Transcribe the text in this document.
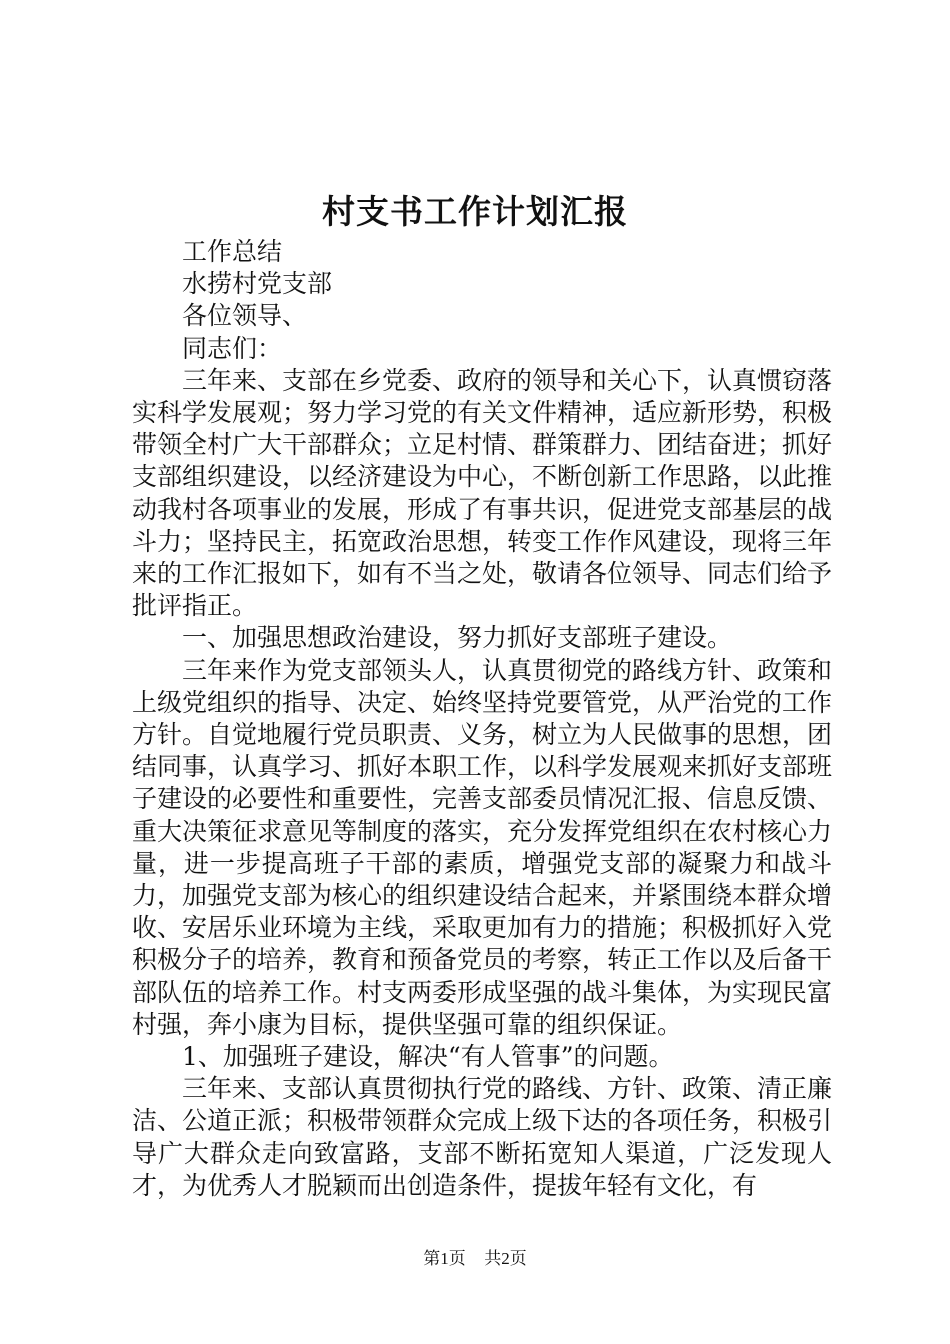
村支书工作计划汇报

工作总结

水捞村党支部

各位领导、

同志们：

三年来、支部在乡党委、政府的领导和关心下，认真惯窃落实科学发展观；努力学习党的有关文件精神，适应新形势，积极带领全村广大干部群众；立足村情、群策群力、团结奋进；抓好支部组织建设，以经济建设为中心，不断创新工作思路，以此推动我村各项事业的发展，形成了有事共识，促进党支部基层的战斗力；坚持民主，拓宽政治思想，转变工作作风建设，现将三年来的工作汇报如下，如有不当之处，敬请各位领导、同志们给予批评指正。

一、加强思想政治建设，努力抓好支部班子建设。

三年来作为党支部领头人，认真贯彻党的路线方针、政策和上级党组织的指导、决定、始终坚持党要管党，从严治党的工作方针。自觉地履行党员职责、义务，树立为人民做事的思想，团结同事，认真学习、抓好本职工作，以科学发展观来抓好支部班子建设的必要性和重要性，完善支部委员情况汇报、信息反馈、重大决策征求意见等制度的落实，充分发挥党组织在农村核心力量，进一步提高班子干部的素质，增强党支部的凝聚力和战斗力，加强党支部为核心的组织建设结合起来，并紧围绕本群众增收、安居乐业环境为主线，采取更加有力的措施；积极抓好入党积极分子的培养，教育和预备党员的考察，转正工作以及后备干部队伍的培养工作。村支两委形成坚强的战斗集体，为实现民富村强，奔小康为目标，提供坚强可靠的组织保证。

1、加强班子建设，解决“有人管事”的问题。

三年来、支部认真贯彻执行党的路线、方针、政策、清正廉洁、公道正派；积极带领群众完成上级下达的各项任务，积极引导广大群众走向致富路，支部不断拓宽知人渠道，广泛发现人才，为优秀人才脱颖而出创造条件，提拔年轻有文化，有

第1页 共2页
